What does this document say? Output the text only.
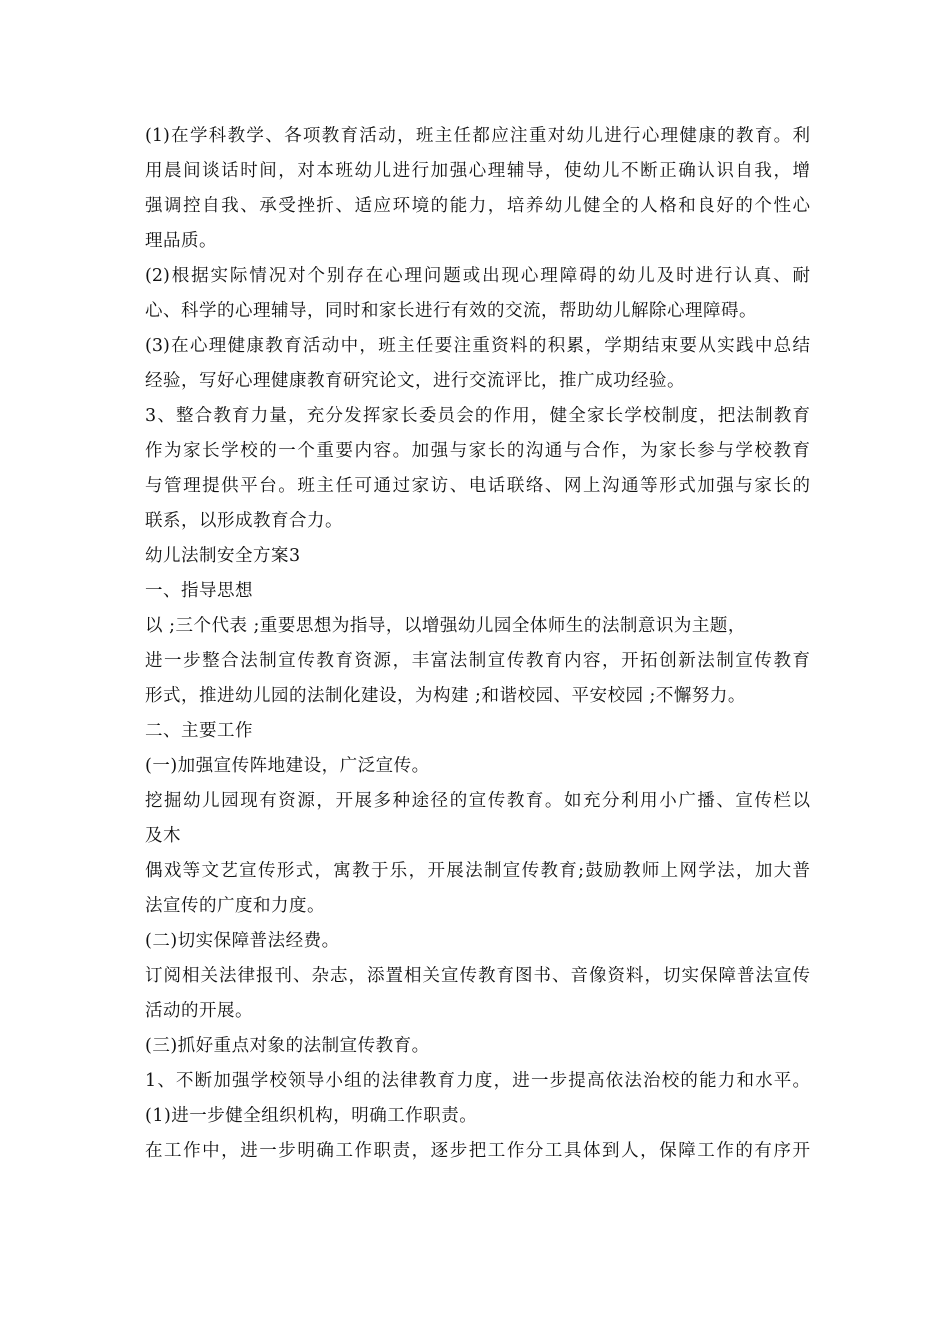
(1)在学科教学、各项教育活动，班主任都应注重对幼儿进行心理健康的教育。利
用晨间谈话时间，对本班幼儿进行加强心理辅导，使幼儿不断正确认识自我，增
强调控自我、承受挫折、适应环境的能力，培养幼儿健全的人格和良好的个性心
理品质。
(2)根据实际情况对个别存在心理问题或出现心理障碍的幼儿及时进行认真、耐
心、科学的心理辅导，同时和家长进行有效的交流，帮助幼儿解除心理障碍。
(3)在心理健康教育活动中，班主任要注重资料的积累，学期结束要从实践中总结
经验，写好心理健康教育研究论文，进行交流评比，推广成功经验。
3、整合教育力量，充分发挥家长委员会的作用，健全家长学校制度，把法制教育
作为家长学校的一个重要内容。加强与家长的沟通与合作，为家长参与学校教育
与管理提供平台。班主任可通过家访、电话联络、网上沟通等形式加强与家长的
联系，以形成教育合力。
幼儿法制安全方案3
一、指导思想
以 ;三个代表 ;重要思想为指导，以增强幼儿园全体师生的法制意识为主题，
进一步整合法制宣传教育资源，丰富法制宣传教育内容，开拓创新法制宣传教育
形式，推进幼儿园的法制化建设，为构建 ;和谐校园、平安校园 ;不懈努力。
二、主要工作
(一)加强宣传阵地建设，广泛宣传。
挖掘幼儿园现有资源，开展多种途径的宣传教育。如充分利用小广播、宣传栏以
及木
偶戏等文艺宣传形式，寓教于乐，开展法制宣传教育;鼓励教师上网学法，加大普
法宣传的广度和力度。
(二)切实保障普法经费。
订阅相关法律报刊、杂志，添置相关宣传教育图书、音像资料，切实保障普法宣传
活动的开展。
(三)抓好重点对象的法制宣传教育。
1、不断加强学校领导小组的法律教育力度，进一步提高依法治校的能力和水平。
(1)进一步健全组织机构，明确工作职责。
在工作中，进一步明确工作职责，逐步把工作分工具体到人，保障工作的有序开
